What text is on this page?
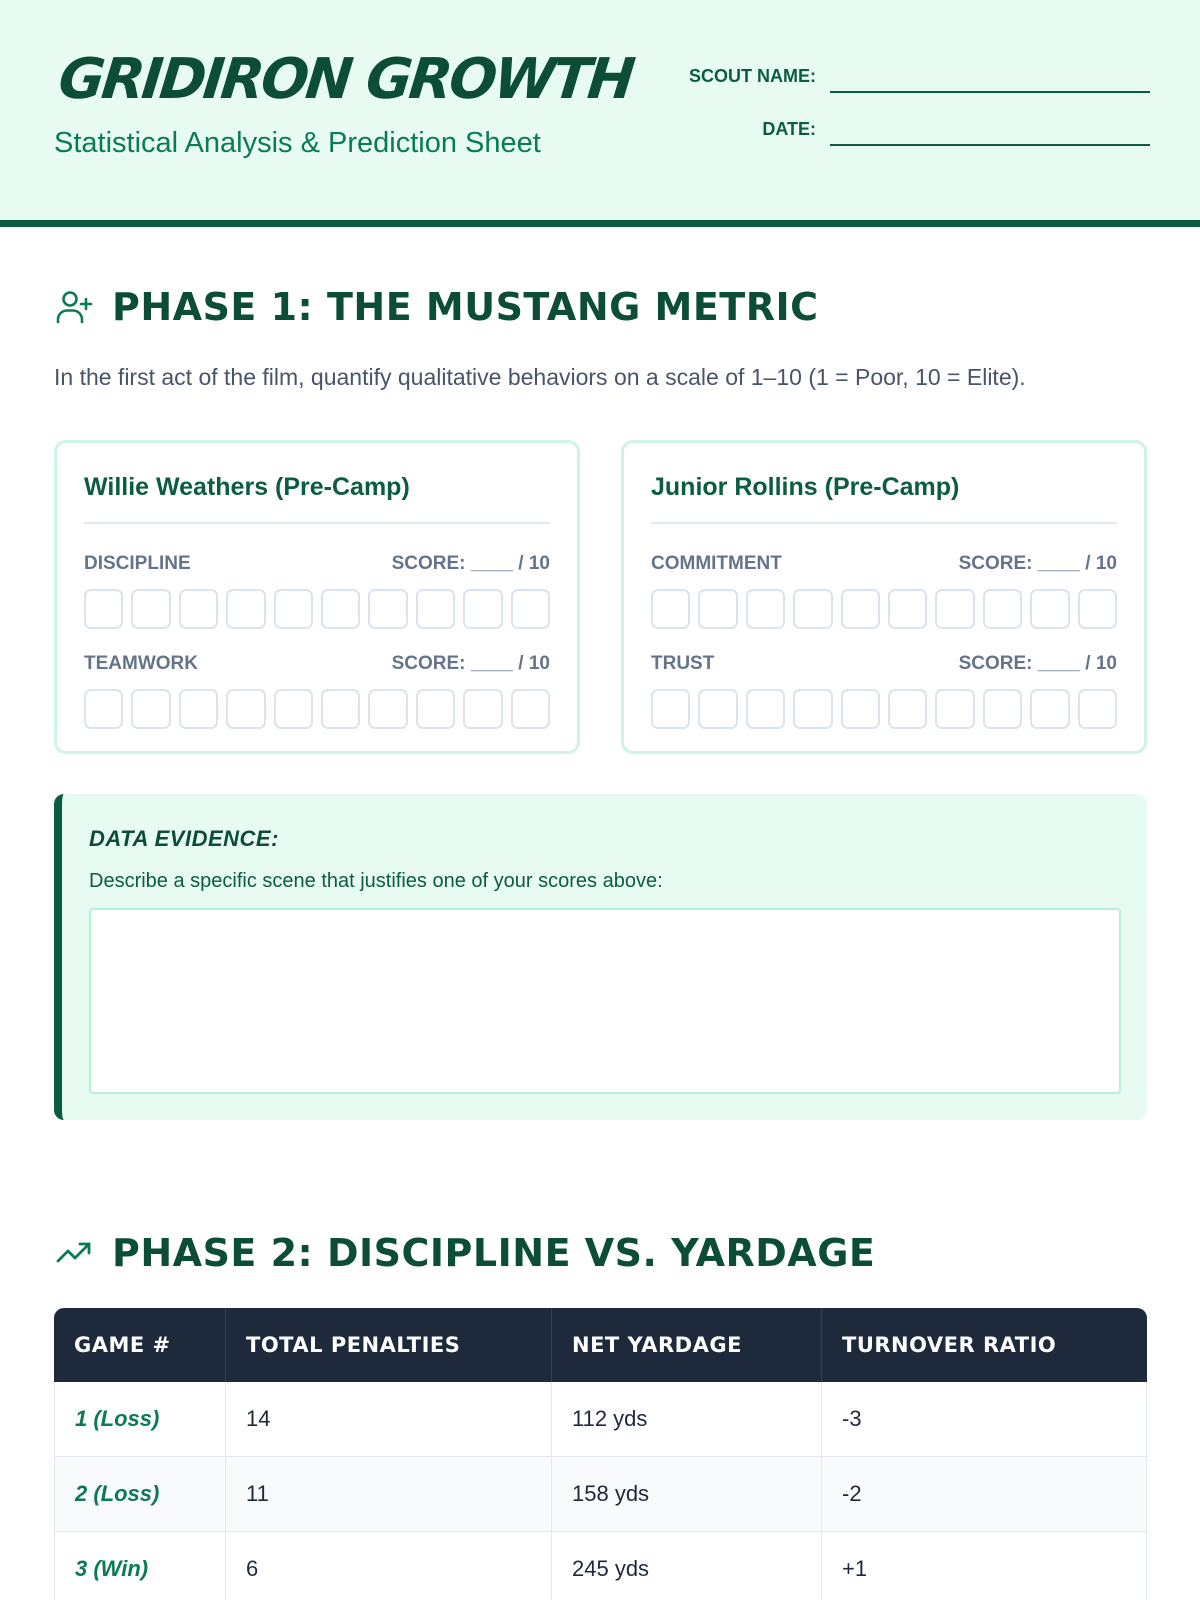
GRIDIRON GROWTH
Statistical Analysis & Prediction Sheet
SCOUT NAME:
DATE:
PHASE 1: THE MUSTANG METRIC
In the first act of the film, quantify qualitative behaviors on a scale of 1–10 (1 = Poor, 10 = Elite).
Willie Weathers (Pre-Camp)
DISCIPLINE	SCORE: ____ / 10
TEAMWORK	SCORE: ____ / 10
Junior Rollins (Pre-Camp)
COMMITMENT	SCORE: ____ / 10
TRUST	SCORE: ____ / 10
DATA EVIDENCE:
Describe a specific scene that justifies one of your scores above:
PHASE 2: DISCIPLINE VS. YARDAGE
GAME #	TOTAL PENALTIES	NET YARDAGE	TURNOVER RATIO
1 (Loss)	14	112 yds	-3
2 (Loss)	11	158 yds	-2
3 (Win)	6	245 yds	+1
